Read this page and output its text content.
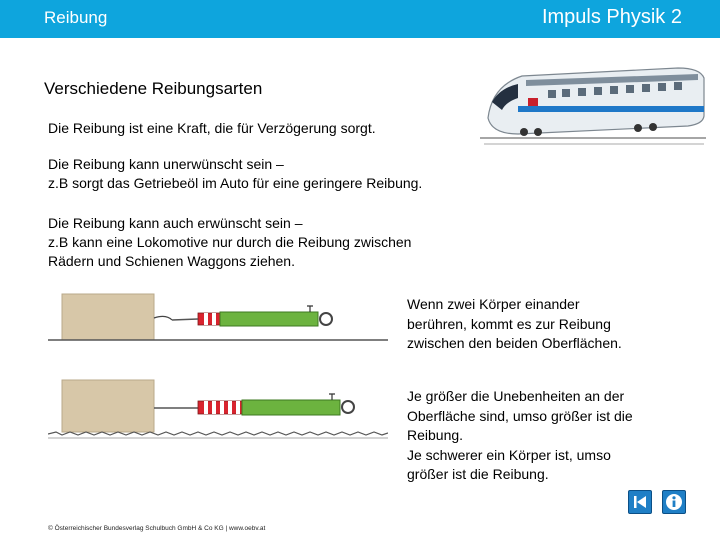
Reibung	Impuls Physik 2
Verschiedene Reibungsarten
Die Reibung ist eine Kraft, die für Verzögerung sorgt.
Die Reibung kann unerwünscht sein –
z.B sorgt das Getriebeöl im Auto für eine geringere Reibung.
Die Reibung kann auch erwünscht sein –
z.B kann eine Lokomotive nur durch die Reibung zwischen
Rädern und Schienen Waggons ziehen.
Wenn zwei Körper einander
berühren, kommt es zur Reibung
zwischen den beiden Oberflächen.
Je größer die Unebenheiten an der
Oberfläche sind, umso größer ist die
Reibung.
Je schwerer ein Körper ist, umso
größer ist die Reibung.
© Österreichischer Bundesverlag Schulbuch GmbH & Co KG | www.oebv.at
